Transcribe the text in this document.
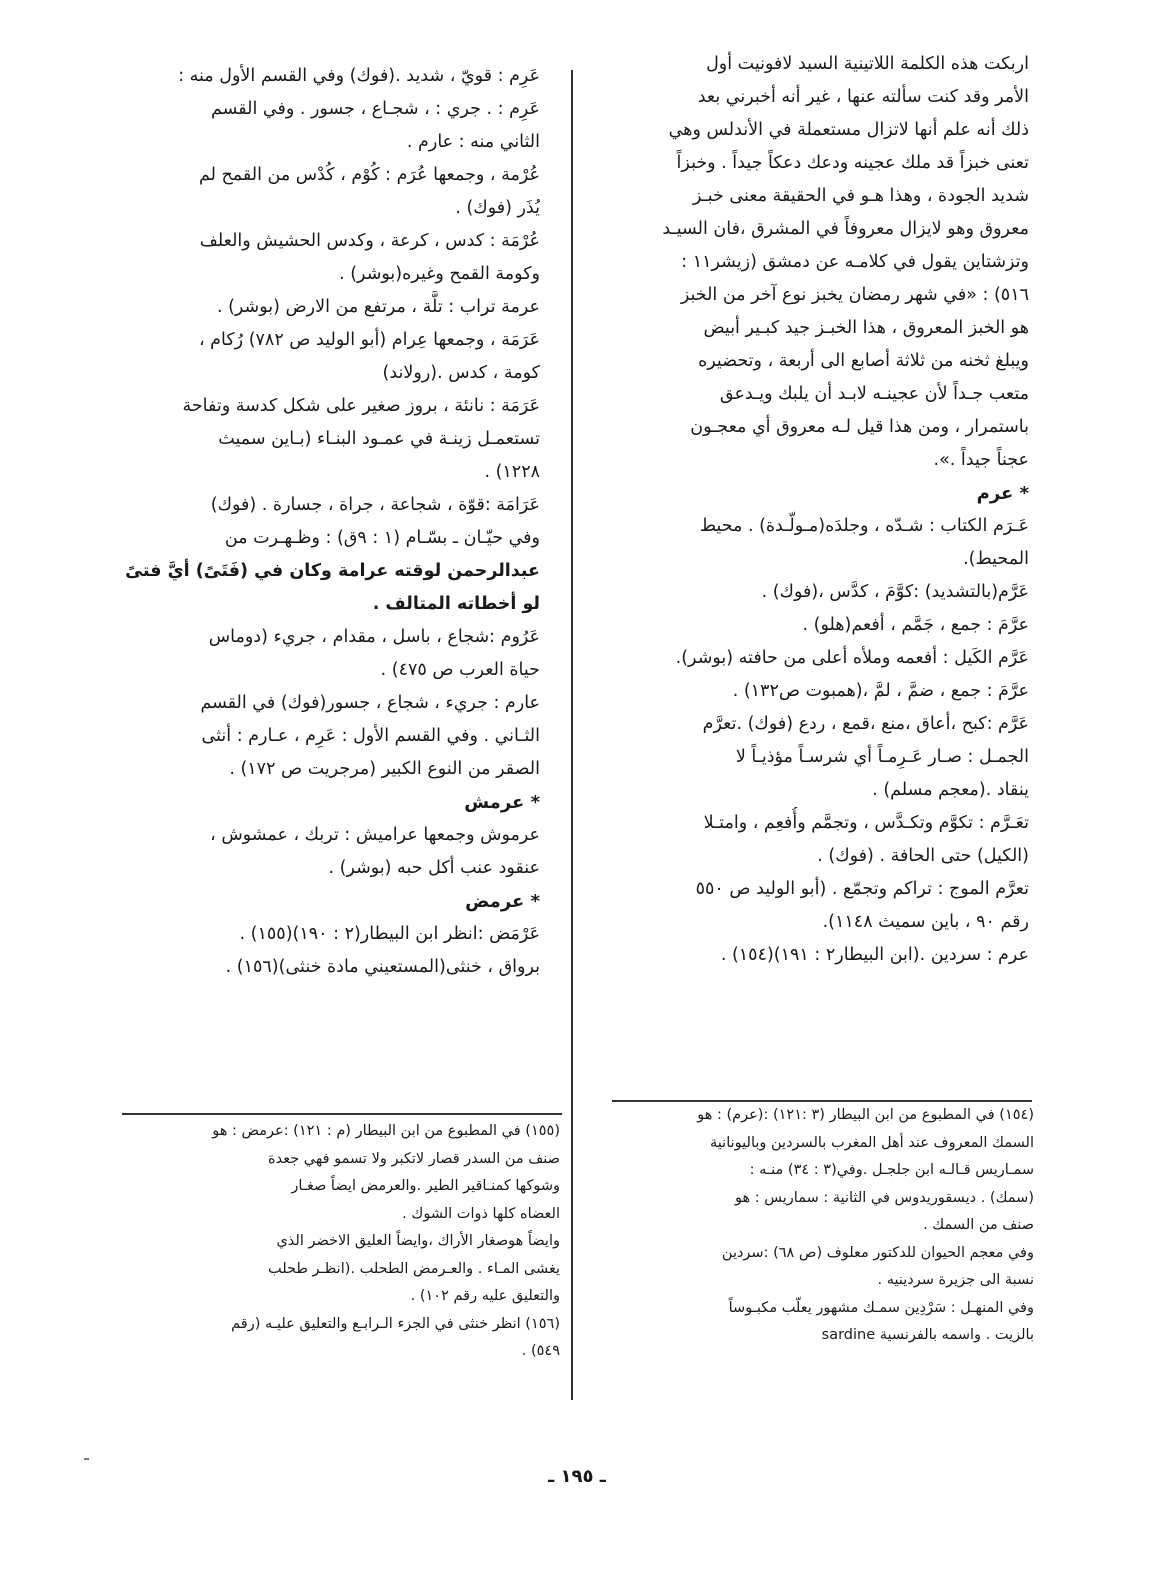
اربكت هذه الكلمة اللاتينية السيد لافونيت أول
الأمر وقد كنت سألته عنها ، غير أنه أخبرني بعد
ذلك أنه علم أنها لاتزال مستعملة في الأندلس وهي
تعنى خبزاً قد ملك عجينه ودعك دعكاً جيداً . وخبزاً
شديد الجودة ، وهذا هـو في الحقيقة معنى خبـز
معروق وهو لايزال معروفاً في المشرق ،فان السيـد
وتزشتاين يقول في كلامـه عن دمشق (زيشر١١ :
٥١٦) : «في شهر رمضان يخبز نوع آخر من الخبز
هو الخبز المعروق ، هذا الخبـز جيد كبـير أبيض
ويبلغ ثخنه من ثلاثة أصابع الى أربعة ، وتحضيره
متعب جـداً لأن عجينـه لابـد أن يلبك ويـدعق
باستمرار ، ومن هذا قيل لـه معروق أي معجـون
عجناً جيداً .».
* عرم
عَـرَم الكتاب : شـدّه ، وجلدَه(مـولّـدة) . محيط
المحيط).
عَرَّم(بالتشديد) :كوَّمَ ، كدَّس ،(فوك) .
عرَّمَ : جمع ، جَمَّم ، أفعم(هلو) .
عَرَّم الكَيل : أفعمه وملأه أعلى من حافته (بوشر).
عرَّمَ : جمع ، ضمَّ ، لمَّ ،(همبوت ص١٣٢) .
عَرَّم :كبح ،أعاق ،منع ،قمع ، ردع (فوك) .تعرَّم
الجمـل : صـار عَـرِمـاً أي شرسـاً مؤذيـاً لا
ينقاد .(معجم مسلم) .
تعَـرَّم : تكوَّم وتكـدَّس ، وتجمَّم وأُفعِم ، وامتـلا
(الكيل) حتى الحافة . (فوك) .
تعرَّم الموج : تراكم وتجمّع . (أبو الوليد ص ٥٥٠
رقم ٩٠ ، باين سميث ١١٤٨).
عرم : سردين .(ابن البيطار٢ : ١٩١)(١٥٤) .
(١٥٤) في المطبوع من ابن البيطار (٣ :١٢١) :(عرم) : هو
السمك المعروف عند أهل المغرب بالسردين وباليونانية
سمـاريس قـالـه ابن جلجـل .وفي(٣ : ٣٤) منـه :
(سمك) . ديسقوريدوس في الثانية : سماريس : هو
صنف من السمك .
وفي معجم الحيوان للدكتور معلوف (ص ٦٨) :سردين
نسبة الى جزيرة سردينيه .
وفي المنهـل : سَرْدِين سمـك مشهور يعلّب مكبـوساً
بالزيت . واسمه بالفرنسية sardine
عَرِم : قويّ ، شديد .(فوك) وفي القسم الأول منه :
عَرِم : . جري : ، شجـاع ، جسور . وفي القسم
الثاني منه : عارم .
عُرْمة ، وجمعها عُرَم : كُوْم ، كُدْس من القمح لم
يُذَر (فوك) .
عُرْمَة : كدس ، كرعة ، وكدس الحشيش والعلف
وكومة القمح وغيره(بوشر) .
عرمة تراب : تلَّة ، مرتفع من الارض (بوشر) .
عَرَمَة ، وجمعها عِرام (أبو الوليد ص ٧٨٢) رُكام ،
كومة ، كدس .(رولاند)
عَرَمَة : نانئة ، بروز صغير على شكل كدسة وتفاحة
تستعمـل زينـة في عمـود البنـاء (بـاين سميث
١٢٢٨) .
عَرَامَة :قوّة ، شجاعة ، جراة ، جسارة . (فوك)
وفي حيّـان ـ بسّـام (١ : ٩ق) : وظـهـرت من
عبدالرحمن لوقته عرامة وكان في (فَتَىً) أيَّ فتىً
لو أخطاته المتالف .
عَرُوم :شجاع ، باسل ، مقدام ، جريء (دوماس
حياة العرب ص ٤٧٥) .
عارم : جريء ، شجاع ، جسور(فوك) في القسم
الثـاني . وفي القسم الأول : عَرِم ، عـارم : أنثى
الصقر من النوع الكبير (مرجريت ص ١٧٢) .
* عرمش
عرموش وجمعها عراميش : تربك ، عمشوش ،
عنقود عنب أكل حبه (بوشر) .
* عرمض
عَرْمَض :انظر ابن البيطار(٢ : ١٩٠)(١٥٥) .
برواق ، خنثى(المستعيني مادة خنثى)(١٥٦) .
(١٥٥) في المطبوع من ابن البيطار (م : ١٢١) :عرمض : هو
صنف من السدر قصار لاتكبر ولا تسمو فهي جعدة
وشوكها كمنـاقير الطير .والعرمض ايضاً صغـار
العضاه كلها ذوات الشوك .
وايضاً هوصغار الأراك ،وايضاً العليق الاخضر الذي
يغشى المـاء . والعـرمض الطحلب .(انظـر طحلب
والتعليق عليه رقم ١٠٢) .
(١٥٦) انظر خنثى في الجزء الـرابـع والتعليق عليـه (رقم
٥٤٩) .
ـ ١٩٥ ـ
